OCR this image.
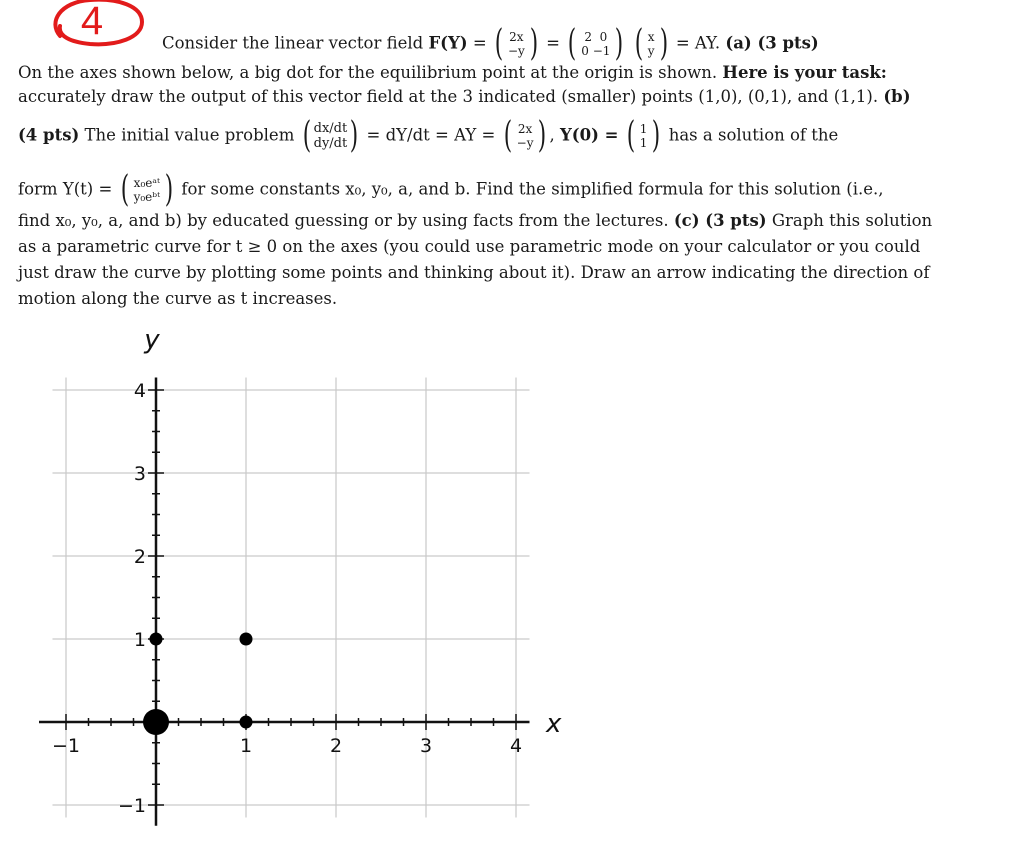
4	Consider the linear vector field F(Y) = ( 2x
−y ) = ( 2 0
0 −1 ) ( x
y ) = AY. (a) (3 pts)
On the axes shown below, a big dot for the equilibrium point at the origin is shown. Here is your task:
accurately draw the output of this vector field at the 3 indicated (smaller) points (1,0), (0,1), and (1,1). (b)
(4 pts) The initial value problem ( dx/dt
dy/dt) = dY/dt = AY = ( 2x
−y ) , Y(0) = ( 1
1 ) has a solution of the
form Y(t) = ( x₀eᵃᵗ
y₀eᵇᵗ ) for some constants x₀, y₀, a, and b. Find the simplified formula for this solution (i.e.,
find x₀, y₀, a, and b) by educated guessing or by using facts from the lectures. (c) (3 pts) Graph this solution
as a parametric curve for t ≥ 0 on the axes (you could use parametric mode on your calculator or you could
just draw the curve by plotting some points and thinking about it). Draw an arrow indicating the direction of
motion along the curve as t increases.
−1	1	2	3	4
−1
1
2
3
4
x
y
